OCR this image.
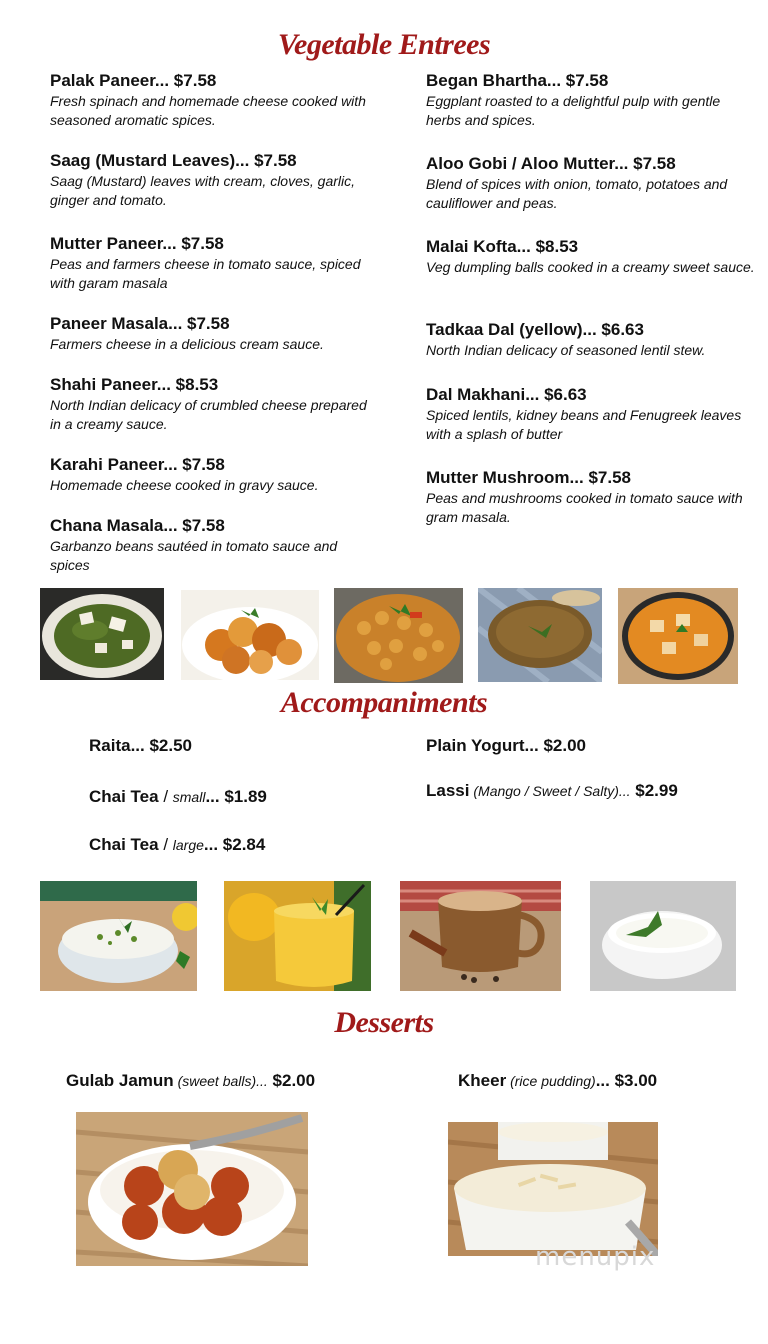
Vegetable Entrees
Palak Paneer... $7.58
Fresh spinach and homemade cheese cooked with seasoned aromatic spices.
Saag (Mustard Leaves)... $7.58
Saag (Mustard) leaves with cream, cloves, garlic, ginger and tomato.
Mutter Paneer... $7.58
Peas and farmers cheese in tomato sauce, spiced with garam masala
Paneer Masala... $7.58
Farmers cheese in a delicious cream sauce.
Shahi Paneer... $8.53
North Indian delicacy of crumbled cheese prepared in a creamy sauce.
Karahi Paneer... $7.58
Homemade cheese cooked in gravy sauce.
Chana Masala... $7.58
Garbanzo beans sautéed in tomato sauce and spices
Began Bhartha... $7.58
Eggplant roasted to a delightful pulp with gentle herbs and spices.
Aloo Gobi / Aloo Mutter... $7.58
Blend of spices with onion, tomato, potatoes and cauliflower and peas.
Malai Kofta... $8.53
Veg dumpling balls cooked in a creamy sweet sauce.
Tadkaa Dal (yellow)... $6.63
North Indian delicacy of seasoned lentil stew.
Dal Makhani... $6.63
Spiced lentils, kidney beans and Fenugreek leaves with a splash of butter
Mutter Mushroom... $7.58
Peas and mushrooms cooked in tomato sauce with gram masala.
Accompaniments
Raita... $2.50
Chai Tea / small... $1.89
Chai Tea / large... $2.84
Plain Yogurt... $2.00
Lassi (Mango / Sweet / Salty)... $2.99
Desserts
Gulab Jamun (sweet balls)... $2.00	Kheer (rice pudding)... $3.00
menupix
